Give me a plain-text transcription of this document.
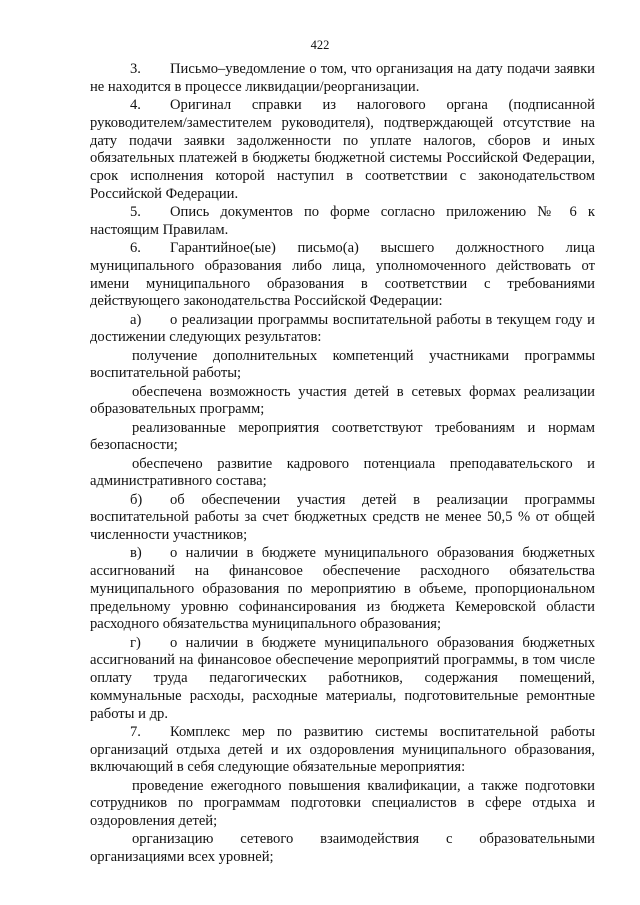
422
3. Письмо–уведомление о том, что организация на дату подачи заявки не находится в процессе ликвидации/реорганизации.
4. Оригинал справки из налогового органа (подписанной руководителем/заместителем руководителя), подтверждающей отсутствие на дату подачи заявки задолженности по уплате налогов, сборов и иных обязательных платежей в бюджеты бюджетной системы Российской Федерации, срок исполнения которой наступил в соответствии с законодательством Российской Федерации.
5. Опись документов по форме согласно приложению № 6 к настоящим Правилам.
6. Гарантийное(ые) письмо(а) высшего должностного лица муниципального образования либо лица, уполномоченного действовать от имени муниципального образования в соответствии с требованиями действующего законодательства Российской Федерации:
а) о реализации программы воспитательной работы в текущем году и достижении следующих результатов:
получение дополнительных компетенций участниками программы воспитательной работы;
обеспечена возможность участия детей в сетевых формах реализации образовательных программ;
реализованные мероприятия соответствуют требованиям и нормам безопасности;
обеспечено развитие кадрового потенциала преподавательского и административного состава;
б) об обеспечении участия детей в реализации программы воспитательной работы за счет бюджетных средств не менее 50,5 % от общей численности участников;
в) о наличии в бюджете муниципального образования бюджетных ассигнований на финансовое обеспечение расходного обязательства муниципального образования по мероприятию в объеме, пропорциональном предельному уровню софинансирования из бюджета Кемеровской области расходного обязательства муниципального образования;
г) о наличии в бюджете муниципального образования бюджетных ассигнований на финансовое обеспечение мероприятий программы, в том числе оплату труда педагогических работников, содержания помещений, коммунальные расходы, расходные материалы, подготовительные ремонтные работы и др.
7. Комплекс мер по развитию системы воспитательной работы организаций отдыха детей и их оздоровления муниципального образования, включающий в себя следующие обязательные мероприятия:
проведение ежегодного повышения квалификации, а также подготовки сотрудников по программам подготовки специалистов в сфере отдыха и оздоровления детей;
организацию сетевого взаимодействия с образовательными организациями всех уровней;
